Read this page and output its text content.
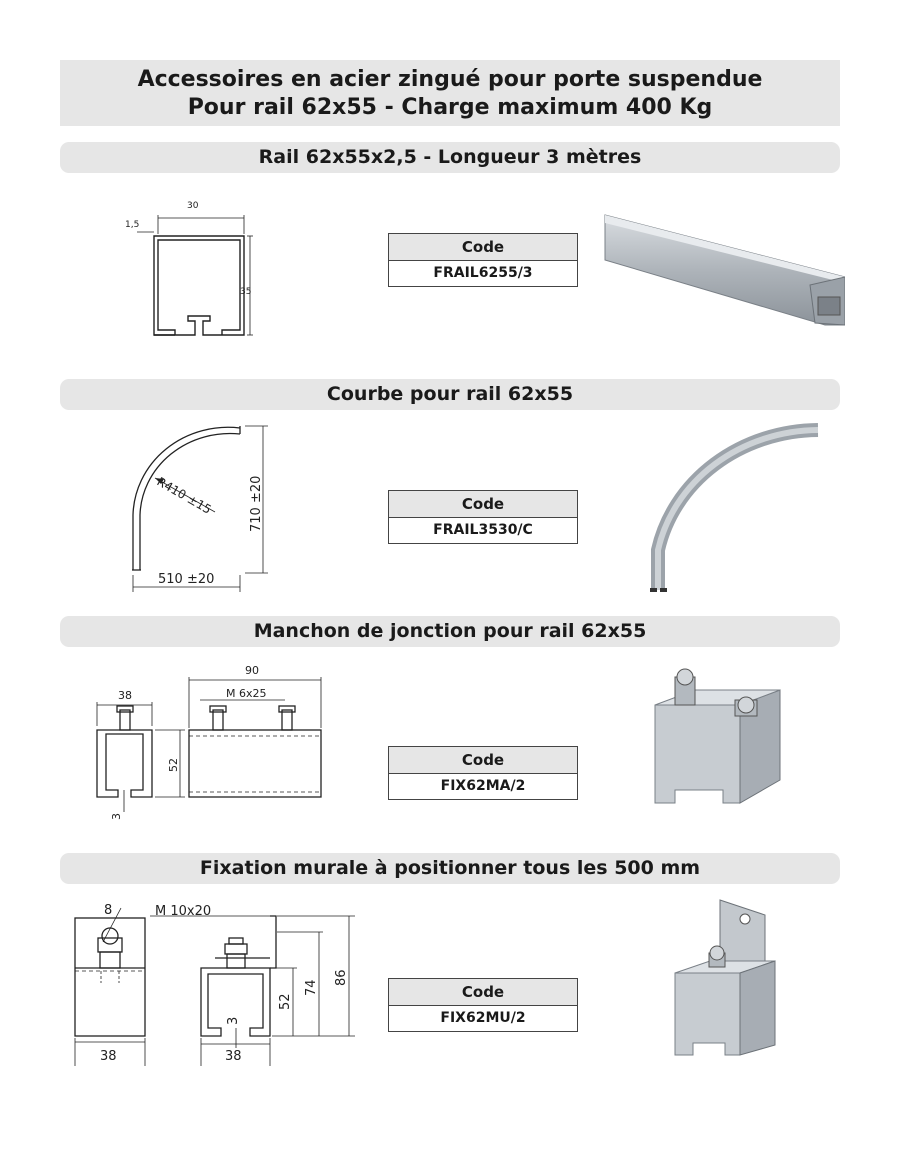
Accessoires en acier zingué pour porte suspendue

Pour rail 62x55 - Charge maximum 400 Kg

Rail 62x55x2,5 - Longueur 3 mètres
30
1,5
35
Code
FRAIL6255/3
Courbe pour rail 62x55
R410 ±15	710 ±20
510 ±20
Code
FRAIL3530/C
Manchon de jonction pour rail 62x55
38
52
3
90
M 6x25
Code
FIX62MA/2
Fixation murale à positionner tous les 500 mm
8
38
M 10x20
52
74
86
3
38
Code
FIX62MU/2
